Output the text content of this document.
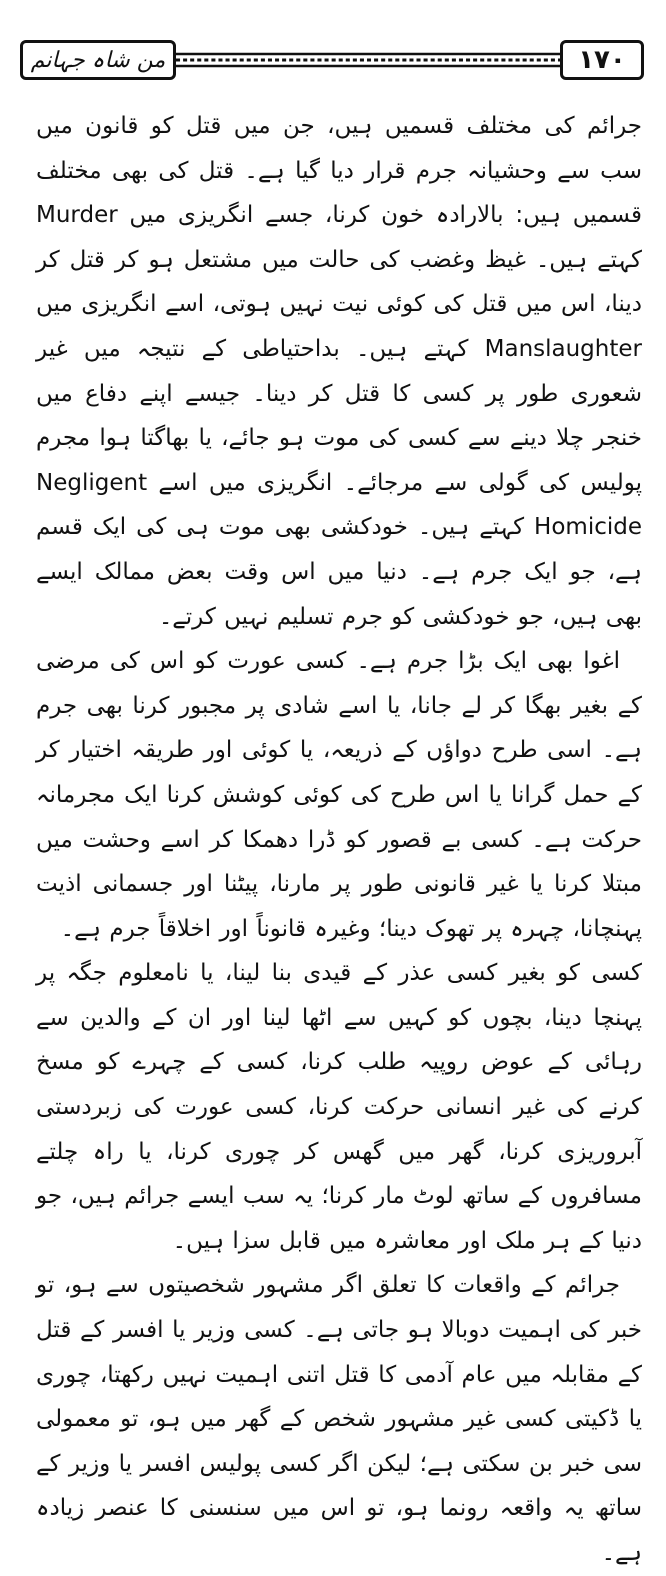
من شاہ جہانم	۱۷۰

جرائم کی مختلف قسمیں ہیں، جن میں قتل کو قانون میں سب سے وحشیانہ جرم قرار دیا گیا ہے۔ قتل کی بھی مختلف قسمیں ہیں: بالارادہ خون کرنا، جسے انگریزی میں Murder کہتے ہیں۔ غیظ وغضب کی حالت میں مشتعل ہو کر قتل کر دینا، اس میں قتل کی کوئی نیت نہیں ہوتی، اسے انگریزی میں Manslaughter کہتے ہیں۔ بداحتیاطی کے نتیجہ میں غیر شعوری طور پر کسی کا قتل کر دینا۔ جیسے اپنے دفاع میں خنجر چلا دینے سے کسی کی موت ہو جائے، یا بھاگتا ہوا مجرم پولیس کی گولی سے مرجائے۔ انگریزی میں اسے Negligent Homicide کہتے ہیں۔ خودکشی بھی موت ہی کی ایک قسم ہے، جو ایک جرم ہے۔ دنیا میں اس وقت بعض ممالک ایسے بھی ہیں، جو خودکشی کو جرم تسلیم نہیں کرتے۔

اغوا بھی ایک بڑا جرم ہے۔ کسی عورت کو اس کی مرضی کے بغیر بھگا کر لے جانا، یا اسے شادی پر مجبور کرنا بھی جرم ہے۔ اسی طرح دواؤں کے ذریعہ، یا کوئی اور طریقہ اختیار کر کے حمل گرانا یا اس طرح کی کوئی کوشش کرنا ایک مجرمانہ حرکت ہے۔ کسی بے قصور کو ڈرا دھمکا کر اسے وحشت میں مبتلا کرنا یا غیر قانونی طور پر مارنا، پیٹنا اور جسمانی اذیت پہنچانا، چہرہ پر تھوک دینا؛ وغیرہ قانوناً اور اخلاقاً جرم ہے۔

کسی کو بغیر کسی عذر کے قیدی بنا لینا، یا نامعلوم جگہ پر پہنچا دینا، بچوں کو کہیں سے اٹھا لینا اور ان کے والدین سے رہائی کے عوض روپیہ طلب کرنا، کسی کے چہرے کو مسخ کرنے کی غیر انسانی حرکت کرنا، کسی عورت کی زبردستی آبروریزی کرنا، گھر میں گھس کر چوری کرنا، یا راہ چلتے مسافروں کے ساتھ لوٹ مار کرنا؛ یہ سب ایسے جرائم ہیں، جو دنیا کے ہر ملک اور معاشرہ میں قابل سزا ہیں۔

جرائم کے واقعات کا تعلق اگر مشہور شخصیتوں سے ہو، تو خبر کی اہمیت دوبالا ہو جاتی ہے۔ کسی وزیر یا افسر کے قتل کے مقابلہ میں عام آدمی کا قتل اتنی اہمیت نہیں رکھتا، چوری یا ڈکیتی کسی غیر مشہور شخص کے گھر میں ہو، تو معمولی سی خبر بن سکتی ہے؛ لیکن اگر کسی پولیس افسر یا وزیر کے ساتھ یہ واقعہ رونما ہو، تو اس میں سنسنی کا عنصر زیادہ ہے۔
